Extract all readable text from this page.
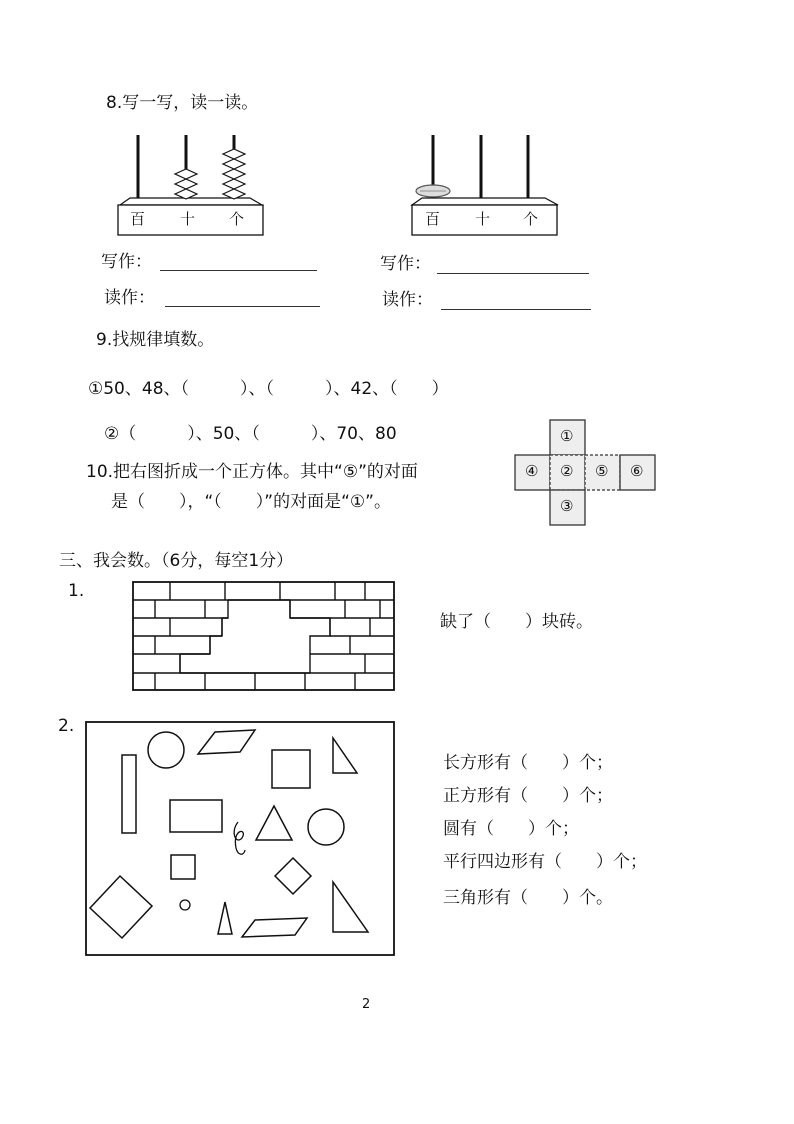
8.写一写，读一读。
百 十 个	百 十 个
写作：
读作：
写作：
读作：
9.找规律填数。
①50、48、（　　　）、（　　　）、42、（　　）
②（　　　）、50、（　　　）、70、80
10.把右图折成一个正方体。其中“⑤”的对面
是（　　），“（　　）”的对面是“①”。
①
④ ② ⑤ ⑥
③
三、我会数。（6分，每空1分）
1.
缺了（　　）块砖。
2.
长方形有（　　）个；
正方形有（　　）个；
圆有（　　）个；
平行四边形有（　　）个；
三角形有（　　）个。
2
